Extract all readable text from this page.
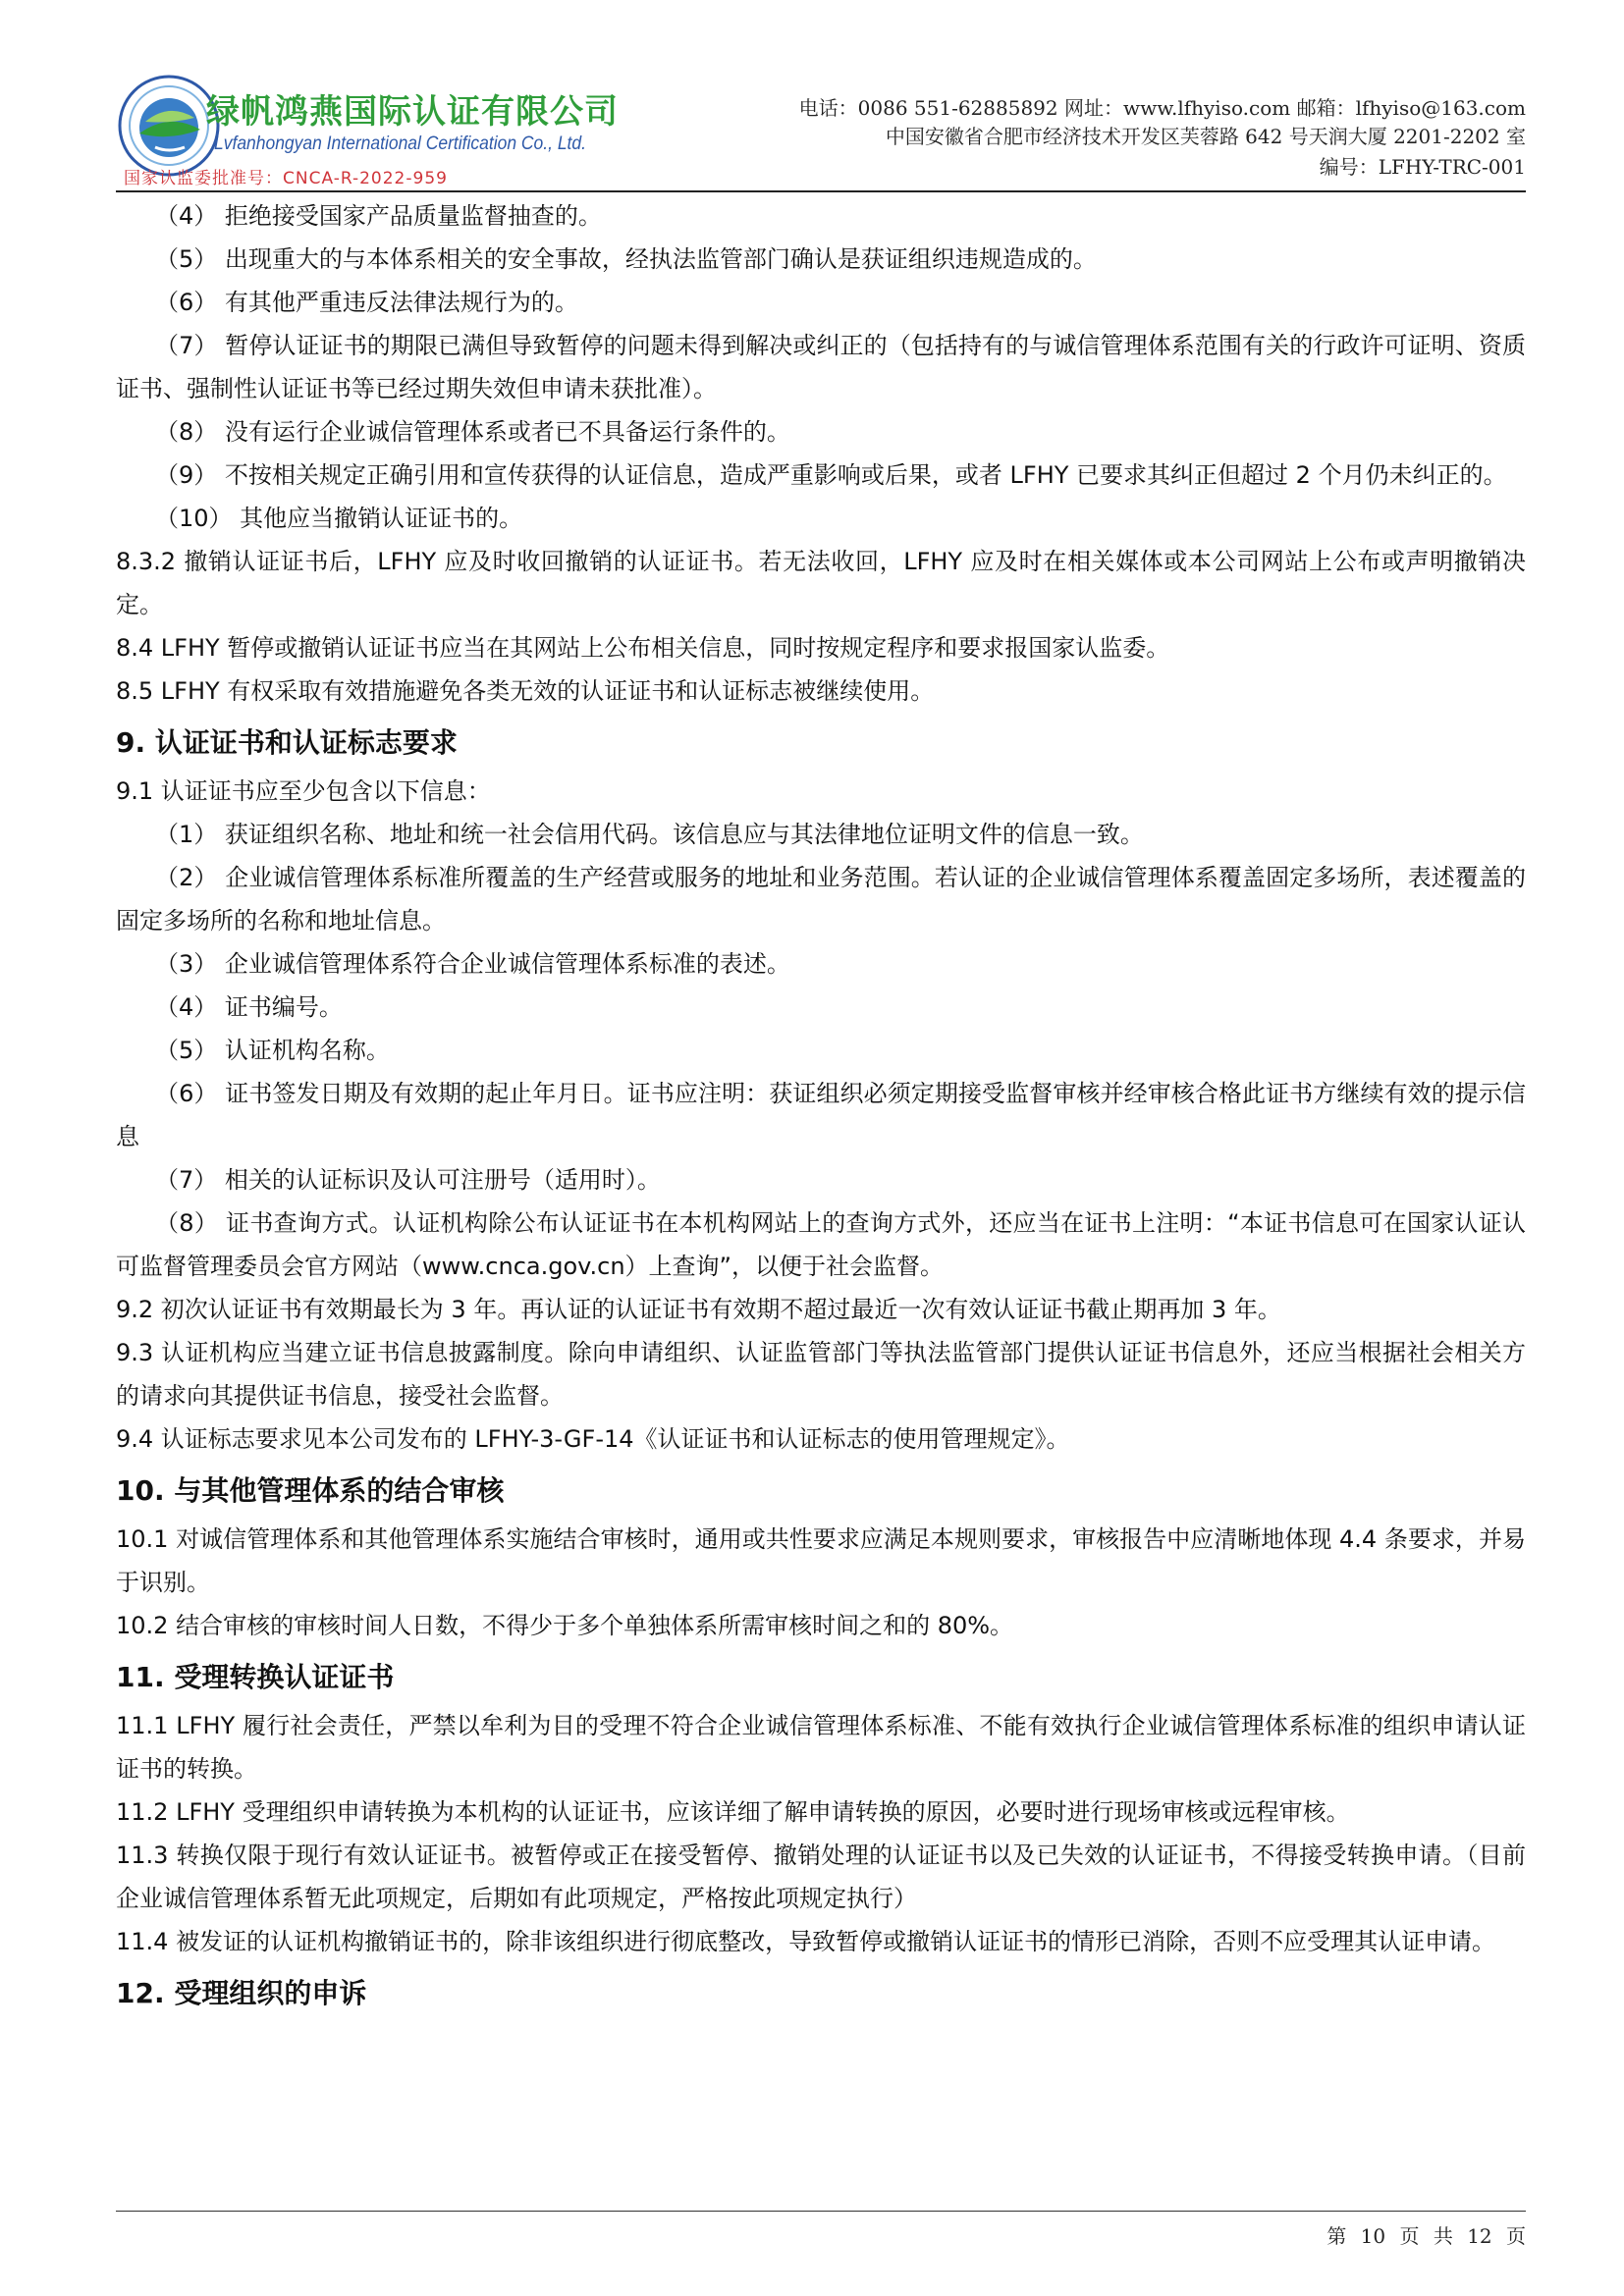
绿帆鸿燕国际认证有限公司
Lvfanhongyan International Certification Co., Ltd.
国家认监委批准号：CNCA-R-2022-959
电话：0086 551-62885892 网址：www.lfhyiso.com 邮箱：lfhyiso@163.com
中国安徽省合肥市经济技术开发区芙蓉路 642 号天润大厦 2201-2202 室
编号：LFHY-TRC-001

（4） 拒绝接受国家产品质量监督抽查的。

（5） 出现重大的与本体系相关的安全事故，经执法监管部门确认是获证组织违规造成的。

（6） 有其他严重违反法律法规行为的。

（7） 暂停认证证书的期限已满但导致暂停的问题未得到解决或纠正的（包括持有的与诚信管理体系范围有关的行政许可证明、资质证书、强制性认证证书等已经过期失效但申请未获批准）。

（8） 没有运行企业诚信管理体系或者已不具备运行条件的。

（9） 不按相关规定正确引用和宣传获得的认证信息，造成严重影响或后果，或者 LFHY 已要求其纠正但超过 2 个月仍未纠正的。

（10） 其他应当撤销认证证书的。

8.3.2 撤销认证证书后，LFHY 应及时收回撤销的认证证书。若无法收回，LFHY 应及时在相关媒体或本公司网站上公布或声明撤销决定。

8.4 LFHY 暂停或撤销认证证书应当在其网站上公布相关信息，同时按规定程序和要求报国家认监委。

8.5 LFHY 有权采取有效措施避免各类无效的认证证书和认证标志被继续使用。

9. 认证证书和认证标志要求

9.1 认证证书应至少包含以下信息：

（1） 获证组织名称、地址和统一社会信用代码。该信息应与其法律地位证明文件的信息一致。

（2） 企业诚信管理体系标准所覆盖的生产经营或服务的地址和业务范围。若认证的企业诚信管理体系覆盖固定多场所，表述覆盖的固定多场所的名称和地址信息。

（3） 企业诚信管理体系符合企业诚信管理体系标准的表述。

（4） 证书编号。

（5） 认证机构名称。

（6） 证书签发日期及有效期的起止年月日。证书应注明：获证组织必须定期接受监督审核并经审核合格此证书方继续有效的提示信息

（7） 相关的认证标识及认可注册号（适用时）。

（8） 证书查询方式。认证机构除公布认证证书在本机构网站上的查询方式外，还应当在证书上注明：“本证书信息可在国家认证认可监督管理委员会官方网站（www.cnca.gov.cn）上查询”，以便于社会监督。

9.2 初次认证证书有效期最长为 3 年。再认证的认证证书有效期不超过最近一次有效认证证书截止期再加 3 年。

9.3 认证机构应当建立证书信息披露制度。除向申请组织、认证监管部门等执法监管部门提供认证证书信息外，还应当根据社会相关方的请求向其提供证书信息，接受社会监督。

9.4 认证标志要求见本公司发布的 LFHY-3-GF-14《认证证书和认证标志的使用管理规定》。

10. 与其他管理体系的结合审核

10.1 对诚信管理体系和其他管理体系实施结合审核时，通用或共性要求应满足本规则要求，审核报告中应清晰地体现 4.4 条要求，并易于识别。

10.2 结合审核的审核时间人日数，不得少于多个单独体系所需审核时间之和的 80%。

11. 受理转换认证证书

11.1 LFHY 履行社会责任，严禁以牟利为目的受理不符合企业诚信管理体系标准、不能有效执行企业诚信管理体系标准的组织申请认证证书的转换。

11.2 LFHY 受理组织申请转换为本机构的认证证书，应该详细了解申请转换的原因，必要时进行现场审核或远程审核。

11.3 转换仅限于现行有效认证证书。被暂停或正在接受暂停、撤销处理的认证证书以及已失效的认证证书，不得接受转换申请。（目前企业诚信管理体系暂无此项规定，后期如有此项规定，严格按此项规定执行）

11.4 被发证的认证机构撤销证书的，除非该组织进行彻底整改，导致暂停或撤销认证证书的情形已消除，否则不应受理其认证申请。

12. 受理组织的申诉
第 10 页 共 12 页
